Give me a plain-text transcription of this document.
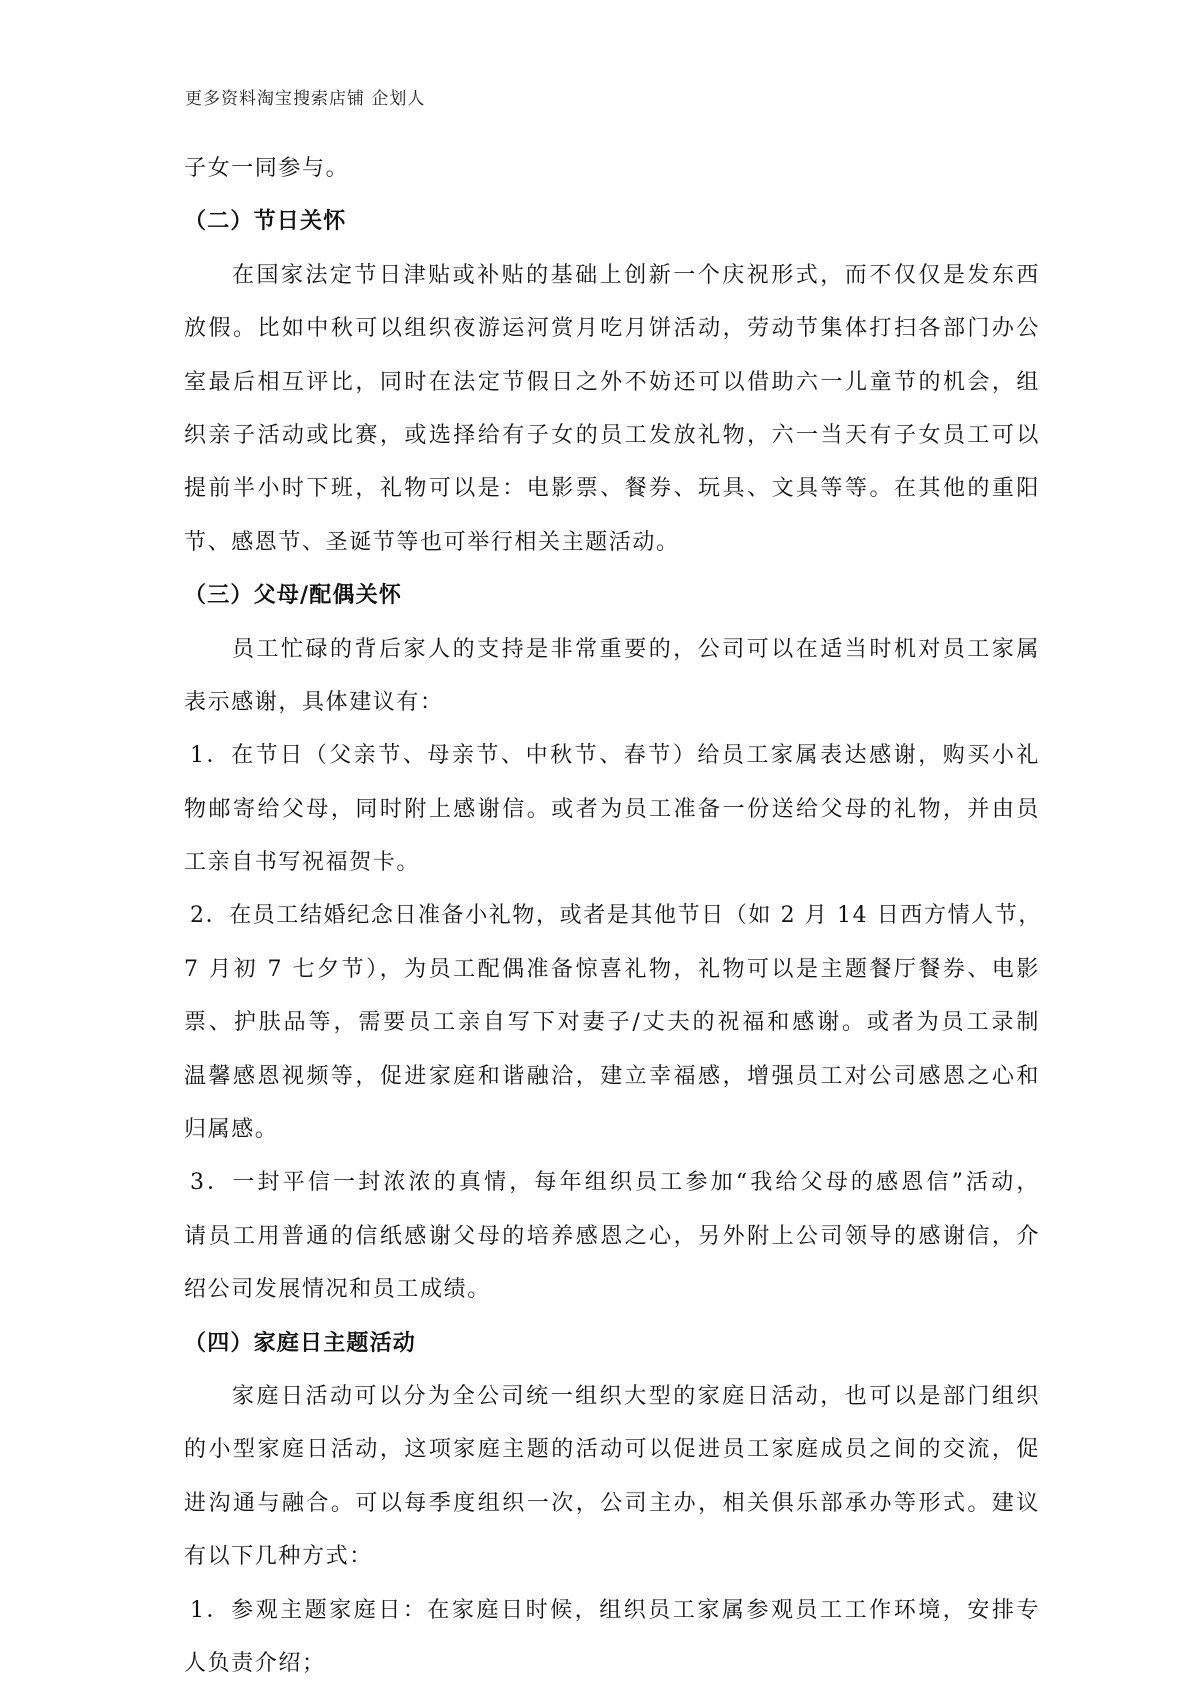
更多资料淘宝搜索店铺 企划人
子女一同参与。
（二）节日关怀
在国家法定节日津贴或补贴的基础上创新一个庆祝形式，而不仅仅是发东西
放假。比如中秋可以组织夜游运河赏月吃月饼活动，劳动节集体打扫各部门办公
室最后相互评比，同时在法定节假日之外不妨还可以借助六一儿童节的机会，组
织亲子活动或比赛，或选择给有子女的员工发放礼物，六一当天有子女员工可以
提前半小时下班，礼物可以是：电影票、餐券、玩具、文具等等。在其他的重阳
节、感恩节、圣诞节等也可举行相关主题活动。
（三）父母/配偶关怀
员工忙碌的背后家人的支持是非常重要的，公司可以在适当时机对员工家属
表示感谢，具体建议有：
1．在节日（父亲节、母亲节、中秋节、春节）给员工家属表达感谢，购买小礼
物邮寄给父母，同时附上感谢信。或者为员工准备一份送给父母的礼物，并由员
工亲自书写祝福贺卡。
2．在员工结婚纪念日准备小礼物，或者是其他节日（如 2 月 14 日西方情人节，
7 月初 7 七夕节），为员工配偶准备惊喜礼物，礼物可以是主题餐厅餐券、电影
票、护肤品等，需要员工亲自写下对妻子/丈夫的祝福和感谢。或者为员工录制
温馨感恩视频等，促进家庭和谐融洽，建立幸福感，增强员工对公司感恩之心和
归属感。
3．一封平信一封浓浓的真情，每年组织员工参加“我给父母的感恩信”活动，
请员工用普通的信纸感谢父母的培养感恩之心，另外附上公司领导的感谢信，介
绍公司发展情况和员工成绩。
（四）家庭日主题活动
家庭日活动可以分为全公司统一组织大型的家庭日活动，也可以是部门组织
的小型家庭日活动，这项家庭主题的活动可以促进员工家庭成员之间的交流，促
进沟通与融合。可以每季度组织一次，公司主办，相关俱乐部承办等形式。建议
有以下几种方式：
1．参观主题家庭日：在家庭日时候，组织员工家属参观员工工作环境，安排专
人负责介绍；
